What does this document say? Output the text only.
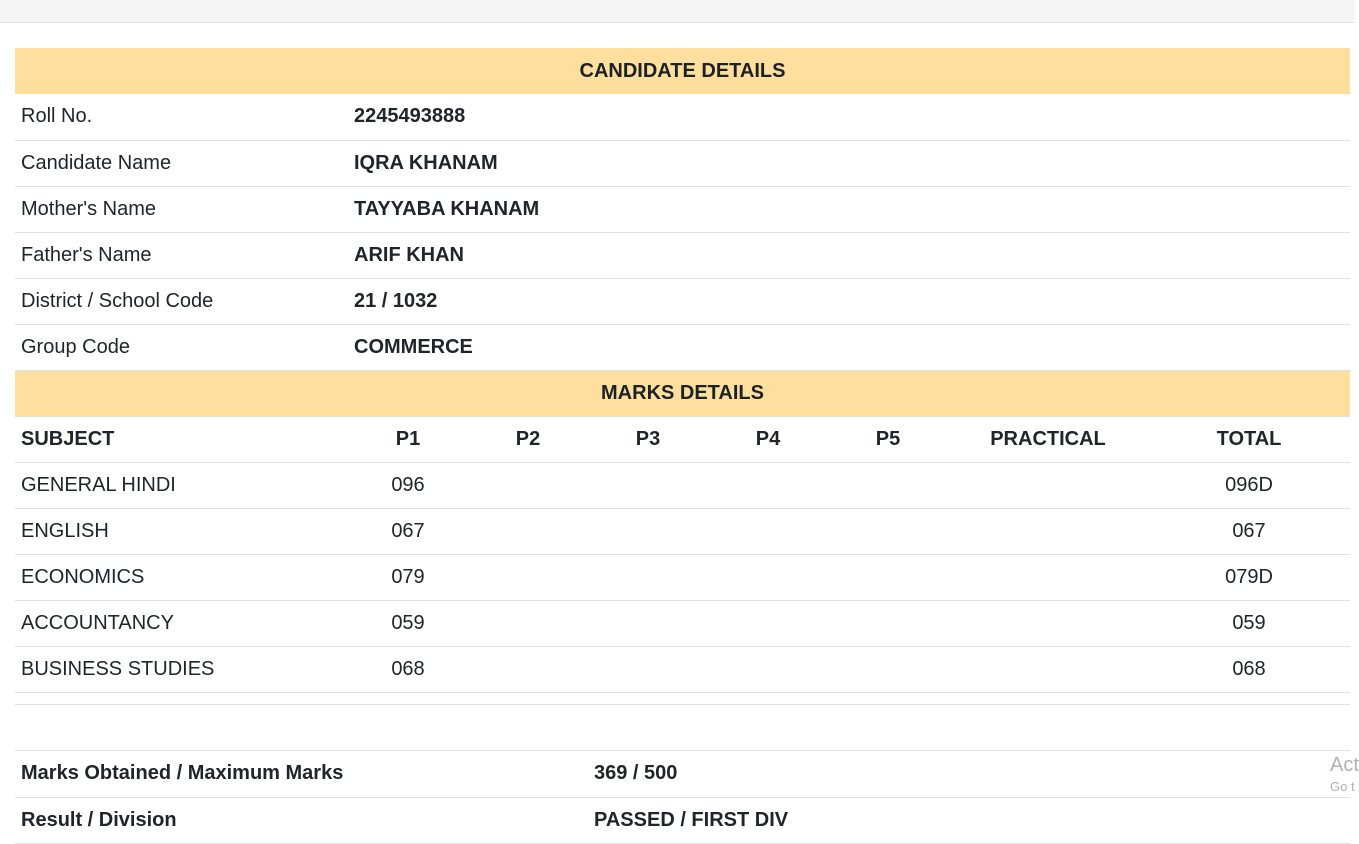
CANDIDATE DETAILS	
Roll No.	2245493888
Candidate Name	IQRA KHANAM
Mother's Name	TAYYABA KHANAM
Father's Name	ARIF KHAN
District / School Code	21 / 1032
Group Code	COMMERCE
MARKS DETAILS							
SUBJECT	P1	P2	P3	P4	P5	PRACTICAL	TOTAL
GENERAL HINDI	096						096D
ENGLISH	067						067
ECONOMICS	079						079D
ACCOUNTANCY	059						059
BUSINESS STUDIES	068						068

Marks Obtained / Maximum Marks	369 / 500
Result / Division	PASSED / FIRST DIV
Act
Go t
